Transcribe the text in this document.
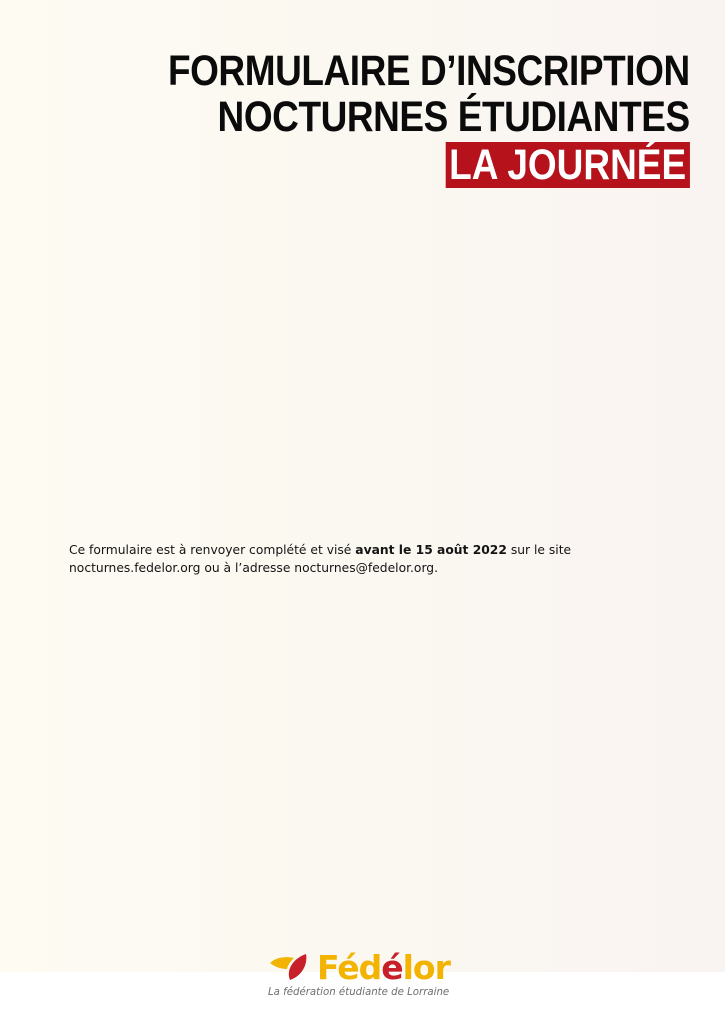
FORMULAIRE D’INSCRIPTION
NOCTURNES ÉTUDIANTES
LA JOURNÉE

Ce formulaire est à renvoyer complété et visé avant le 15 août 2022 sur le site nocturnes.fedelor.org ou à l’adresse nocturnes@fedelor.org.

Fédélor
La fédération étudiante de Lorraine
